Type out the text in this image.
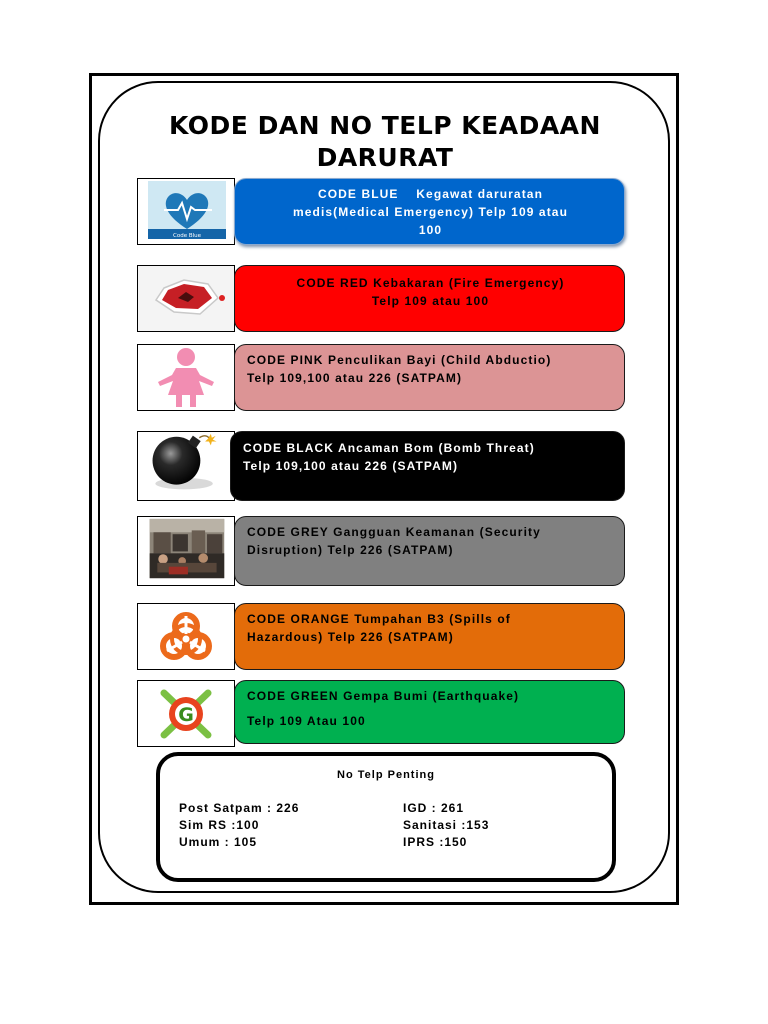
KODE DAN NO TELP KEADAAN
DARURAT
Code Blue
CODE BLUE    Kegawat daruratan
medis(Medical Emergency) Telp 109 atau
100
CODE RED Kebakaran (Fire Emergency)
Telp 109 atau 100
CODE PINK Penculikan Bayi (Child Abductio)
Telp 109,100 atau 226 (SATPAM)
CODE BLACK Ancaman Bom (Bomb Threat)
Telp 109,100 atau 226 (SATPAM)
CODE GREY Gangguan Keamanan (Security
Disruption) Telp 226 (SATPAM)
CODE ORANGE Tumpahan B3 (Spills of
Hazardous) Telp 226 (SATPAM)
G
CODE GREEN Gempa Bumi (Earthquake)
Telp 109 Atau 100
No Telp Penting
Post Satpam : 226
Sim RS :100
Umum : 105
IGD : 261
Sanitasi :153
IPRS :150
